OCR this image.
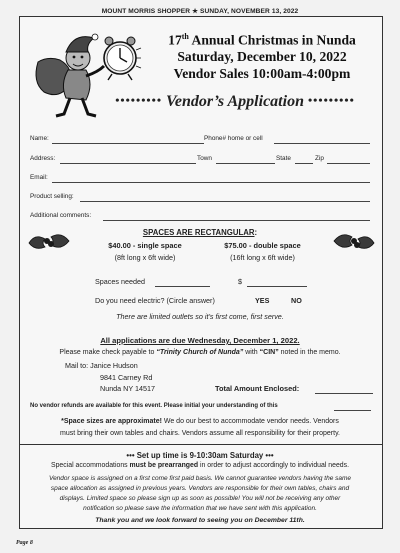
MOUNT MORRIS SHOPPER ★ SUNDAY, NOVEMBER 13, 2022
17th Annual Christmas in Nunda
Saturday, December 10, 2022
Vendor Sales 10:00am-4:00pm
••••••••• Vendor’s Application •••••••••
Name:	Phone# home or cell
Address:	Town	State	Zip
Email:
Product selling:
Additional comments:
SPACES ARE RECTANGULAR:
$40.00 - single space
(8ft long x 6ft wide)
$75.00 - double space
(16ft long x 6ft wide)
Spaces needed	$
Do you need electric? (Circle answer)	YES	NO
There are limited outlets so it’s first come, first serve.
All applications are due Wednesday, December 1, 2022.
Please make check payable to “Trinity Church of Nunda” with “CIN” noted in the memo.
Mail to: Janice Hudson
9841 Carney Rd
Nunda NY 14517	Total Amount Enclosed:
No vendor refunds are available for this event. Please initial your understanding of this
*Space sizes are approximate! We do our best to accommodate vendor needs. Vendors
must bring their own tables and chairs. Vendors assume all responsibility for their property.
••• Set up time is 9-10:30am Saturday •••
Special accommodations must be prearranged in order to adjust accordingly to individual needs.
Vendor space is assigned on a first come first paid basis. We cannot guarantee vendors having the same
space allocation as assigned in previous years. Vendors are responsible for their own tables, chairs and
displays. Limited space so please sign up as soon as possible! You will not be receiving any other
notification so please save the information that we have sent with this application.
Thank you and we look forward to seeing you on December 11th.
Page 8
